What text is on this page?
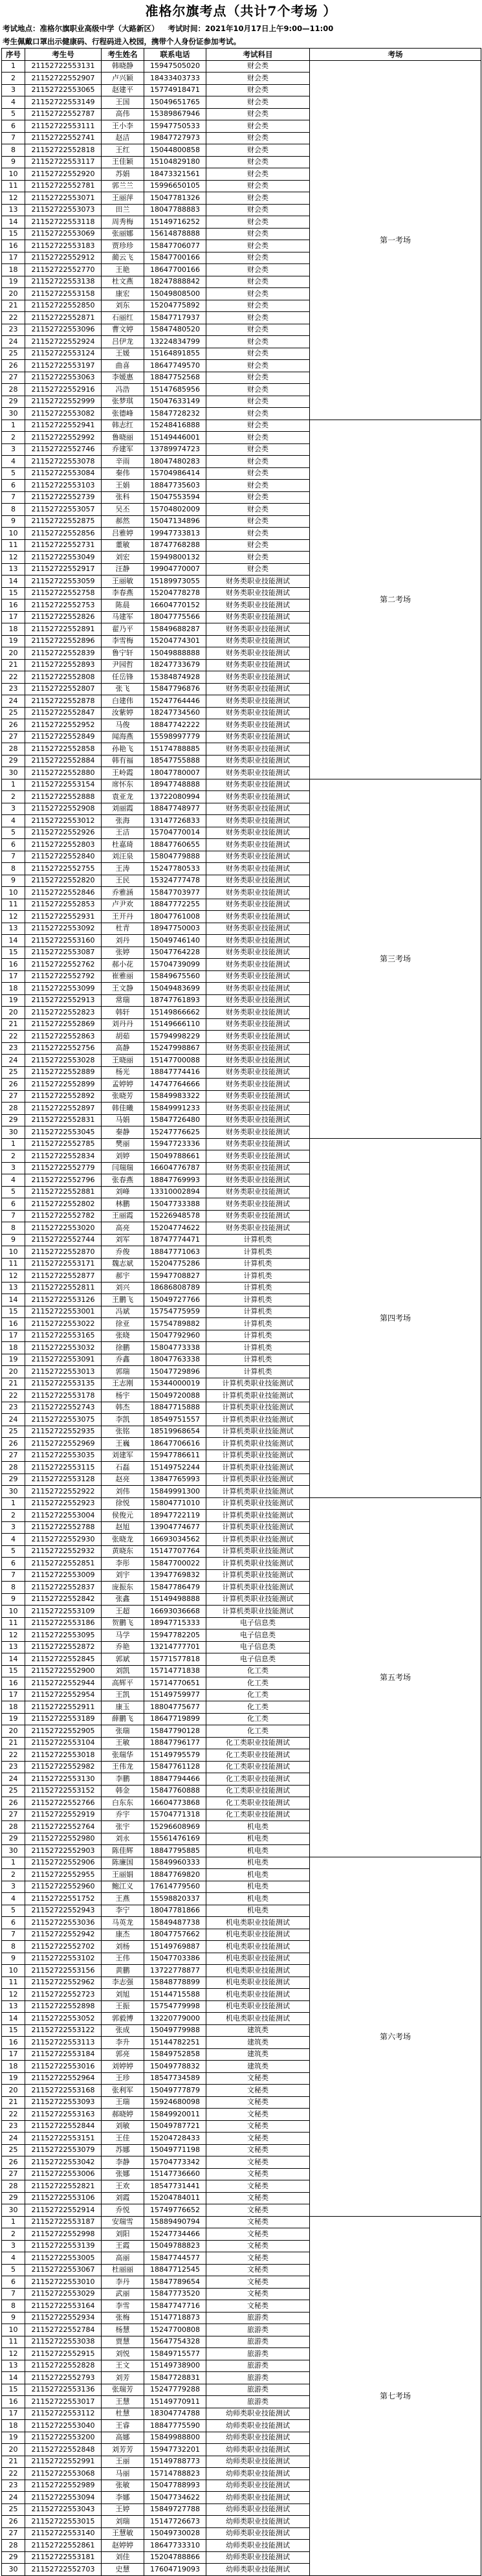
准格尔旗考点（共计7个考场 ）
考试地点：准格尔旗职业高级中学（大路新区） 考试时间：2021年10月17日上午9:00—11:00
考生佩戴口罩出示健康码、行程码进入校园，携带个人身份证参加考试。
序号	考生号	考生姓名	联系电话	考试科目	考场
1	21152722553131	韩晓静	15947505020	财会类	第一考场
2	21152722552907	卢兴颖	18433403733	财会类	
3	21152722553065	赵建平	15774918471	财会类	
4	21152722553149	王国	15049651765	财会类	
5	21152722552787	高伟	15389867946	财会类	
6	21152722553111	王小李	15947750533	财会类	
7	21152722552741	赵洁	19847727973	财会类	
8	21152722552818	王红	15044800858	财会类	
9	21152722553117	王佳颖	15104829180	财会类	
10	21152722552920	苏娟	18473321561	财会类	
11	21152722552781	郭兰兰	15996650105	财会类	
12	21152722553071	王丽萍	15047781326	财会类	
13	21152722553073	田兰	18047788883	财会类	
14	21152722553118	周秀梅	15149716252	财会类	
15	21152722553069	张丽娜	15614878888	财会类	
16	21152722553183	贾珍珍	15847706077	财会类	
17	21152722552912	蔺云飞	15847700166	财会类	
18	21152722552770	王艳	18647700166	财会类	
19	21152722553138	杜文燕	18247888842	财会类	
20	21152722553158	康宏	15049808500	财会类	
21	21152722552850	刘东	15204775892	财会类	
22	21152722552871	石丽红	15847717937	财会类	
23	21152722553096	曹文婷	15847480520	财会类	
24	21152722552924	吕伊龙	13224834799	财会类	
25	21152722553124	王媛	15164891855	财会类	
26	21152722553197	曲喜	18647749570	财会类	
27	21152722553063	李媛惠	18847752568	财会类	
28	21152722552916	冯浩	15147685956	财会类	
29	21152722552999	张梦琪	15047633149	财会类	
30	21152722553082	张德峰	15847728232	财会类	
1	21152722552941	韩志红	15248416888	财会类	第二考场
2	21152722552992	鲁晓丽	15149446001	财会类	
3	21152722552746	乔建军	13789974723	财会类	
4	21152722553078	辛雨	18047480283	财会类	
5	21152722553084	秦伟	15704986414	财会类	
6	21152722553103	王娟	18847735603	财会类	
7	21152722552739	张科	15047553594	财会类	
8	21152722553057	吴丕	15704802009	财会类	
9	21152722552875	郝然	15047134896	财会类	
10	21152722552856	吕雅婷	19947733813	财会类	
11	21152722552731	董敏	18747768288	财会类	
12	21152722553049	刘宏	15949800132	财会类	
13	21152722552917	汪静	19904770007	财会类	
14	21152722553059	王丽敏	15189973055	财务类职业技能测试	
15	21152722552758	李春燕	15204778278	财务类职业技能测试	
16	21152722552753	陈晨	16604770152	财务类职业技能测试	
17	21152722552826	马建军	18047775566	财务类职业技能测试	
18	21152722552891	翟乃平	15849688287	财务类职业技能测试	
19	21152722552896	李雪梅	15204774301	财务类职业技能测试	
20	21152722552839	鲁宁轩	15049888888	财务类职业技能测试	
21	21152722552893	尹园哲	18247733679	财务类职业技能测试	
22	21152722552808	任岳锋	15384874928	财务类职业技能测试	
23	21152722552807	张飞	15847796876	财务类职业技能测试	
24	21152722552878	白建伟	15247764446	财务类职业技能测试	
25	21152722552847	汝紫婷	18247734560	财务类职业技能测试	
26	21152722552952	马俊	18847742222	财务类职业技能测试	
27	21152722552849	闻海燕	15598997779	财务类职业技能测试	
28	21152722552858	孙艳飞	15174788885	财务类职业技能测试	
29	21152722552884	韩有福	18547755888	财务类职业技能测试	
30	21152722552880	王岭霞	18047780007	财务类职业技能测试	
1	21152722553154	席怀东	18947748888	财务类职业技能测试	第三考场
2	21152722552888	袁亚龙	13722080994	财务类职业技能测试	
3	21152722552908	刘丽霞	18847748977	财务类职业技能测试	
4	21152722553012	张海	13147726833	财务类职业技能测试	
5	21152722552926	王洁	15704770014	财务类职业技能测试	
6	21152722552803	杜嘉琦	18847760655	财务类职业技能测试	
7	21152722552840	刘汪泉	15804779888	财务类职业技能测试	
8	21152722552755	王涛	15247780533	财务类职业技能测试	
9	21152722552820	王民	15324777478	财务类职业技能测试	
10	21152722552846	乔雅涵	15847703977	财务类职业技能测试	
11	21152722552853	卢尹欢	18847772255	财务类职业技能测试	
12	21152722552931	王开丹	18047761008	财务类职业技能测试	
13	21152722553092	杜青	18947750003	财务类职业技能测试	
14	21152722553160	刘丹	15049746140	财务类职业技能测试	
15	21152722553087	张婷	15047764228	财务类职业技能测试	
16	21152722552762	郝小花	15704739099	财务类职业技能测试	
17	21152722552792	崔雅丽	15849675560	财务类职业技能测试	
18	21152722553099	王文静	15049483699	财务类职业技能测试	
19	21152722552913	常瑞	18747761893	财务类职业技能测试	
20	21152722552823	韩轩	15149866662	财务类职业技能测试	
21	21152722552869	刘丹丹	15149666110	财务类职业技能测试	
22	21152722552863	胡茹	15794998229	财务类职业技能测试	
23	21152722552756	高静	15247998867	财务类职业技能测试	
24	21152722553028	王晓丽	15147700088	财务类职业技能测试	
25	21152722552889	杨光	18847774416	财务类职业技能测试	
26	21152722552899	孟婷婷	14747764666	财务类职业技能测试	
27	21152722552892	张晓芳	15849983322	财务类职业技能测试	
28	21152722552897	韩佳曦	15849991233	财务类职业技能测试	
29	21152722552831	马娟	15847726480	财务类职业技能测试	
30	21152722553045	秦静	15247776625	财务类职业技能测试	
1	21152722552785	樊丽	15947723336	财务类职业技能测试	第四考场
2	21152722552834	刘婷	15049788661	财务类职业技能测试	
3	21152722552779	闫瑞瑞	16604776787	财务类职业技能测试	
4	21152722552796	张春燕	18847769993	财务类职业技能测试	
5	21152722552881	刘峰	13310002894	财务类职业技能测试	
6	21152722552802	林鹏	15047733388	财务类职业技能测试	
7	21152722552782	王丽霞	15226948578	财务类职业技能测试	
8	21152722553020	高亮	15204774622	财务类职业技能测试	
9	21152722552744	刘军	18747774471	计算机类	
10	21152722552870	乔俊	18847771063	计算机类	
11	21152722553171	魏志斌	15204775286	计算机类	
12	21152722552877	郝宇	15947708827	计算机类	
13	21152722552811	刘兴	18686808789	计算机类	
14	21152722553126	王鹏飞	15049727766	计算机类	
15	21152722553001	冯斌	15754775959	计算机类	
16	21152722553022	徐亚	15754789882	计算机类	
17	21152722553165	张晓	15047792960	计算机类	
18	21152722553032	徐鹏	15804773338	计算机类	
19	21152722553091	乔鑫	18047763338	计算机类	
20	21152722553013	郭瑞	15047729896	计算机类	
21	21152722553135	王志刚	15344000019	计算机类职业技能测试	
22	21152722553178	杨宇	15049720088	计算机类职业技能测试	
23	21152722552743	韩杰	18847715888	计算机类职业技能测试	
24	21152722553075	李凯	18549751557	计算机类职业技能测试	
25	21152722552935	张铭	18519968654	计算机类职业技能测试	
26	21152722552969	王巍	18647706616	计算机类职业技能测试	
27	21152722553035	刘建军	15947786611	计算机类职业技能测试	
28	21152722553115	石磊	15149752244	计算机类职业技能测试	
29	21152722553128	赵亮	13847765993	计算机类职业技能测试	
30	21152722552922	刘伟	15849991300	计算机类职业技能测试	
1	21152722552923	徐悦	15804771010	计算机类职业技能测试	第五考场
2	21152722553004	侯俊元	18947722119	计算机类职业技能测试	
3	21152722552788	赵旭	13904774677	计算机类职业技能测试	
4	21152722552930	张晓龙	16693034562	计算机类职业技能测试	
5	21152722552932	黄晓东	15147707764	计算机类职业技能测试	
6	21152722552851	李彤	15847700022	计算机类职业技能测试	
7	21152722553009	刘宇	13947769832	计算机类职业技能测试	
8	21152722552837	庞振东	15847786479	计算机类职业技能测试	
9	21152722552842	张鑫	15149498888	计算机类职业技能测试	
10	21152722553109	王超	16693036668	计算机类职业技能测试	
11	21152722553186	贺鹏飞	18947715333	电子信息类	
12	21152722553095	马学	15947782205	电子信息类	
13	21152722552872	乔艳	13214777701	电子信息类	
14	21152722552845	郭斌	15771577818	电子信息类	
15	21152722552900	刘凯	15714771838	化工类	
16	21152722552944	高辉平	15714770651	化工类	
17	21152722552954	王凯	15149759977	化工类	
18	21152722552911	康玉	18804775677	化工类	
19	21152722553189	薛鹏飞	18647719899	化工类	
20	21152722552905	张瑞	15847790128	化工类	
21	21152722553104	王敏	18847796177	化工类职业技能测试	
22	21152722553018	张瑞华	15149795579	化工类职业技能测试	
23	21152722552982	王伟龙	15847761128	化工类职业技能测试	
24	21152722553130	李鹏	18847794466	化工类职业技能测试	
25	21152722553152	韩金	15847760888	化工类职业技能测试	
26	21152722552766	白东东	16604773868	化工类职业技能测试	
27	21152722552919	乔宇	15704771318	化工类职业技能测试	
28	21152722552764	张宇	15296608969	机电类	
29	21152722552980	刘永	15561476169	机电类	
30	21152722552903	陈佳辉	18847795885	机电类	
1	21152722552906	陈廉国	15849960333	机电类	第六考场
2	21152722552955	王丽娟	18847769820	机电类	
3	21152722552960	鲍江义	17614779560	机电类	
4	21152722551752	王燕	15598820337	机电类	
5	21152722552943	李宁	18047781866	机电类	
6	21152722553036	马英龙	15849487738	机电类职业技能测试	
7	21152722552942	康杰	18047757662	机电类职业技能测试	
8	21152722552702	刘杨	15149769887	机电类职业技能测试	
9	21152722553102	王伟	15047703386	机电类职业技能测试	
10	21152722553156	黄鹏	13722778877	机电类职业技能测试	
11	21152722552962	李志强	15848778899	机电类职业技能测试	
12	21152722552723	刘旭	15144715588	机电类职业技能测试	
13	21152722552898	王振	15754779998	机电类职业技能测试	
14	21152722553052	郭毅博	13220779000	机电类职业技能测试	
15	21152722553122	张成	15049779988	建筑类	
16	21152722553113	李升	15144782251	建筑类	
17	21152722553184	郭亮	15849752858	建筑类	
18	21152722553016	刘婷婷	15049778832	建筑类	
19	21152722552964	王珍	18547734589	文秘类	
20	21152722553168	张利军	15049777879	文秘类	
21	21152722553093	王瑞	15924680098	文秘类	
22	21152722553163	郝晓婷	15849920011	文秘类	
23	21152722552844	刘敏	15049787721	文秘类	
24	21152722553151	王佳	15204728433	文秘类	
25	21152722553079	苏娜	15049771198	文秘类	
26	21152722553042	李静	15704773342	文秘类	
27	21152722553006	张娜	15147736660	文秘类	
28	21152722552821	王欢	18547731441	文秘类	
29	21152722553106	刘霞	15204784011	文秘类	
30	21152722552914	乔悦	15749776652	文秘类	
1	21152722553187	安瑞雪	15889490794	文秘类	第七考场
2	21152722552998	刘阳	15247734466	文秘类	
3	21152722553139	王霞	15049788823	文秘类	
4	21152722553005	高丽	15847744577	文秘类	
5	21152722553067	杜丽丽	18847712545	文秘类	
6	21152722553010	李丹	15847789654	文秘类	
7	21152722553029	武丽	15847773520	文秘类	
8	21152722553164	李雪	15847747716	文秘类	
9	21152722552934	张梅	15147718873	旅游类	
10	21152722552784	杨慧	15247700808	旅游类	
11	21152722553038	贾慧	15647754328	旅游类	
12	21152722552915	刘悦	15849715577	旅游类	
13	21152722552828	王文	15149738900	旅游类	
14	21152722552793	刘芳	15847728831	旅游类	
15	21152722553136	张瑞芳	15247779288	旅游类	
16	21152722553017	王慧	15149770911	旅游类	
17	21152722553112	杜慧	18304774788	幼师类职业技能测试	
18	21152722553040	王睿	18847775590	幼师类职业技能测试	
19	21152722553200	高娜	15849988800	幼师类职业技能测试	
20	21152722552848	刘芳芳	15947732201	幼师类职业技能测试	
21	21152722552991	王丽	15149788773	幼师类职业技能测试	
22	21152722553068	马丽	15714788823	幼师类职业技能测试	
23	21152722552989	张敏	15047788993	幼师类职业技能测试	
24	21152722553094	李娜	15047734622	幼师类职业技能测试	
25	21152722553043	王婷	15849727788	幼师类职业技能测试	
26	21152722553015	刘瑞	15147726673	幼师类职业技能测试	
27	21152722553140	王慧敏	15049730028	幼师类职业技能测试	
28	21152722552861	赵婷婷	18647733310	幼师类职业技能测试	
29	21152722553181	刘佳	15204788866	幼师类职业技能测试	
30	21152722552703	史慧	17604719093	幼师类职业技能测试	
